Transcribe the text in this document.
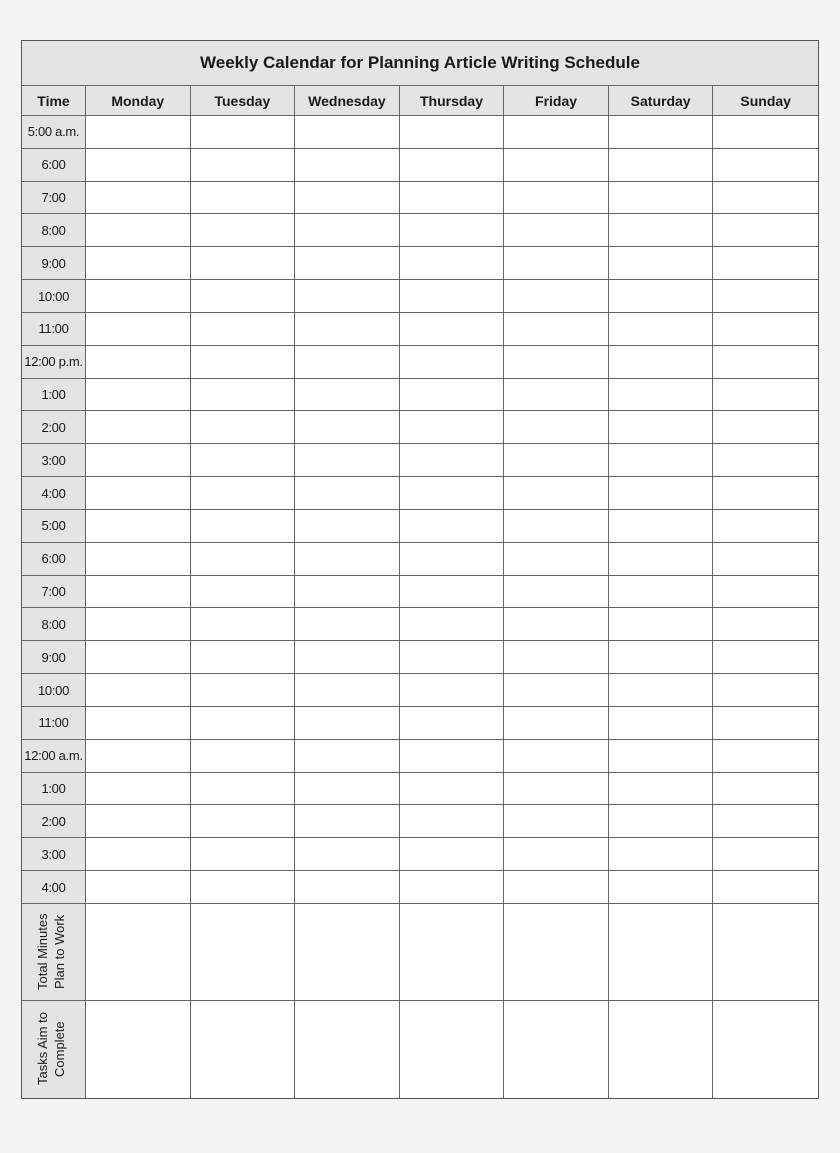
Weekly Calendar for Planning Article Writing Schedule
Time	Monday	Tuesday	Wednesday	Thursday	Friday	Saturday	Sunday
5:00 a.m.
6:00
7:00
8:00
9:00
10:00
11:00
12:00 p.m.
1:00
2:00
3:00
4:00
5:00
6:00
7:00
8:00
9:00
10:00
11:00
12:00 a.m.
1:00
2:00
3:00
4:00
Total Minutes Plan to Work
Tasks Aim to Complete
